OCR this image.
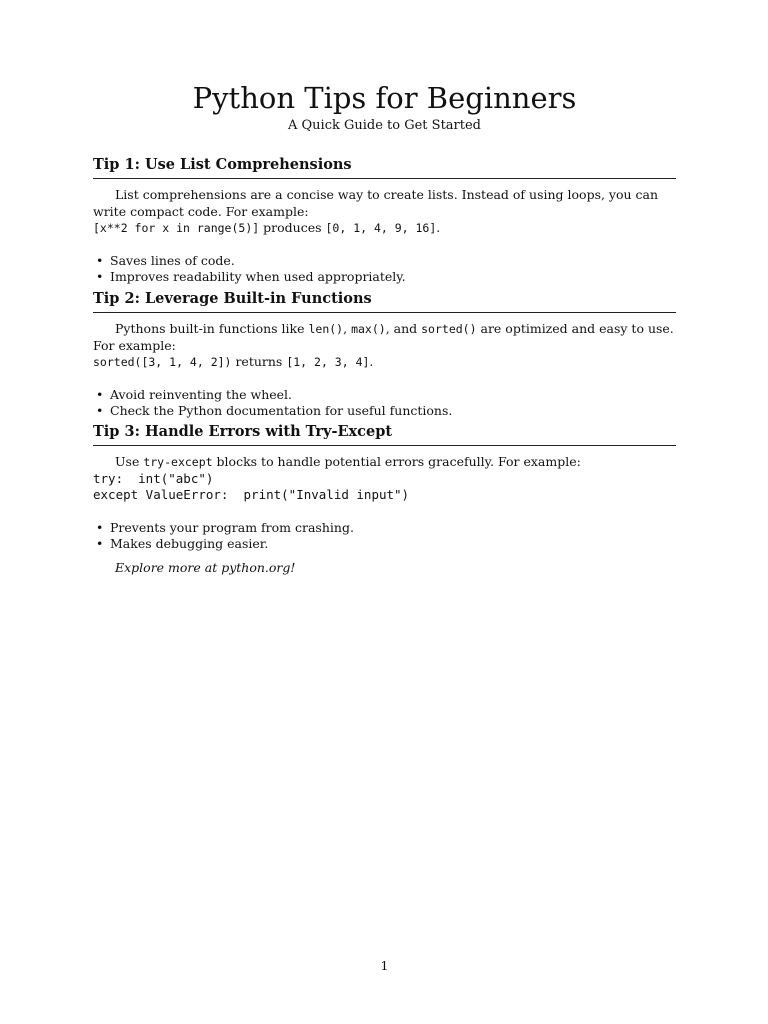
Python Tips for Beginners

A Quick Guide to Get Started

Tip 1: Use List Comprehensions

List comprehensions are a concise way to create lists. Instead of using loops, you can write compact code. For example:

[x**2 for x in range(5)] produces [0, 1, 4, 9, 16].

• Saves lines of code.
• Improves readability when used appropriately.
Tip 2: Leverage Built-in Functions

Pythons built-in functions like len(), max(), and sorted() are optimized and easy to use. For example:

sorted([3, 1, 4, 2]) returns [1, 2, 3, 4].

• Avoid reinventing the wheel.
• Check the Python documentation for useful functions.
Tip 3: Handle Errors with Try-Except

Use try-except blocks to handle potential errors gracefully. For example:

try:  int("abc")

except ValueError:  print("Invalid input")

• Prevents your program from crashing.
• Makes debugging easier.

Explore more at python.org!

1
